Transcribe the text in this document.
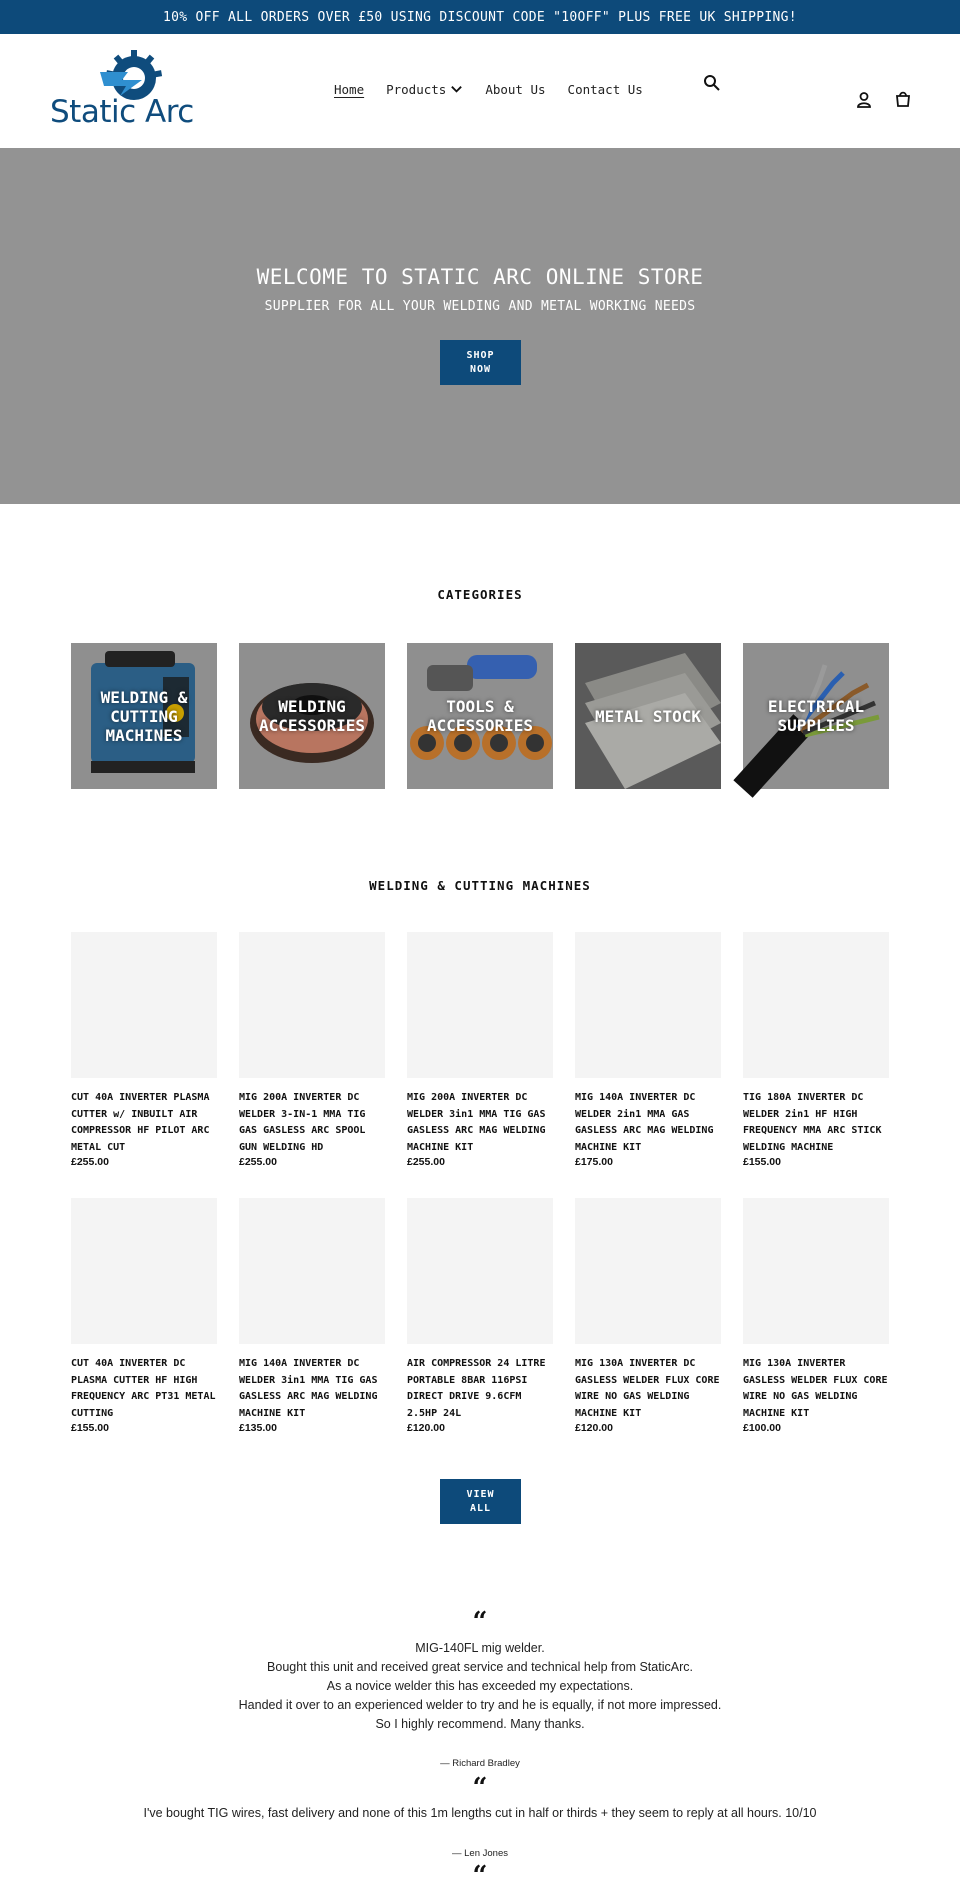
10% OFF ALL ORDERS OVER £50 USING DISCOUNT CODE "10OFF" PLUS FREE UK SHIPPING!
Static Arc
Home Products	About Us Contact Us
WELCOME TO STATIC ARC ONLINE STORE
SUPPLIER FOR ALL YOUR WELDING AND METAL WORKING NEEDS
SHOP NOW
CATEGORIES
WELDING & CUTTING MACHINES
WELDING ACCESSORIES
TOOLS & ACCESSORIES	METAL STOCK	ELECTRICAL SUPPLIES
WELDING & CUTTING MACHINES
CUT 40A INVERTER PLASMA CUTTER w/ INBUILT AIR COMPRESSOR HF PILOT ARC METAL CUT
£255.00
MIG 200A INVERTER DC WELDER 3-IN-1 MMA TIG GAS GASLESS ARC SPOOL GUN WELDING HD
£255.00
MIG 200A INVERTER DC WELDER 3in1 MMA TIG GAS GASLESS ARC MAG WELDING MACHINE KIT
£255.00
MIG 140A INVERTER DC WELDER 2in1 MMA GAS GASLESS ARC MAG WELDING MACHINE KIT
£175.00
TIG 180A INVERTER DC WELDER 2in1 HF HIGH FREQUENCY MMA ARC STICK WELDING MACHINE
£155.00
CUT 40A INVERTER DC PLASMA CUTTER HF HIGH FREQUENCY ARC PT31 METAL CUTTING
£155.00
MIG 140A INVERTER DC WELDER 3in1 MMA TIG GAS GASLESS ARC MAG WELDING MACHINE KIT
£135.00
AIR COMPRESSOR 24 LITRE PORTABLE 8BAR 116PSI DIRECT DRIVE 9.6CFM 2.5HP 24L
£120.00
MIG 130A INVERTER DC GASLESS WELDER FLUX CORE WIRE NO GAS WELDING MACHINE KIT
£120.00
MIG 130A INVERTER GASLESS WELDER FLUX CORE WIRE NO GAS WELDING MACHINE KIT
£100.00
VIEW ALL
“
MIG-140FL mig welder.
Bought this unit and received great service and technical help from StaticArc.
As a novice welder this has exceeded my expectations.
Handed it over to an experienced welder to try and he is equally, if not more impressed.
So I highly recommend. Many thanks.
— Richard Bradley
“
I've bought TIG wires, fast delivery and none of this 1m lengths cut in half or thirds + they seem to reply at all hours. 10/10
— Len Jones
“
